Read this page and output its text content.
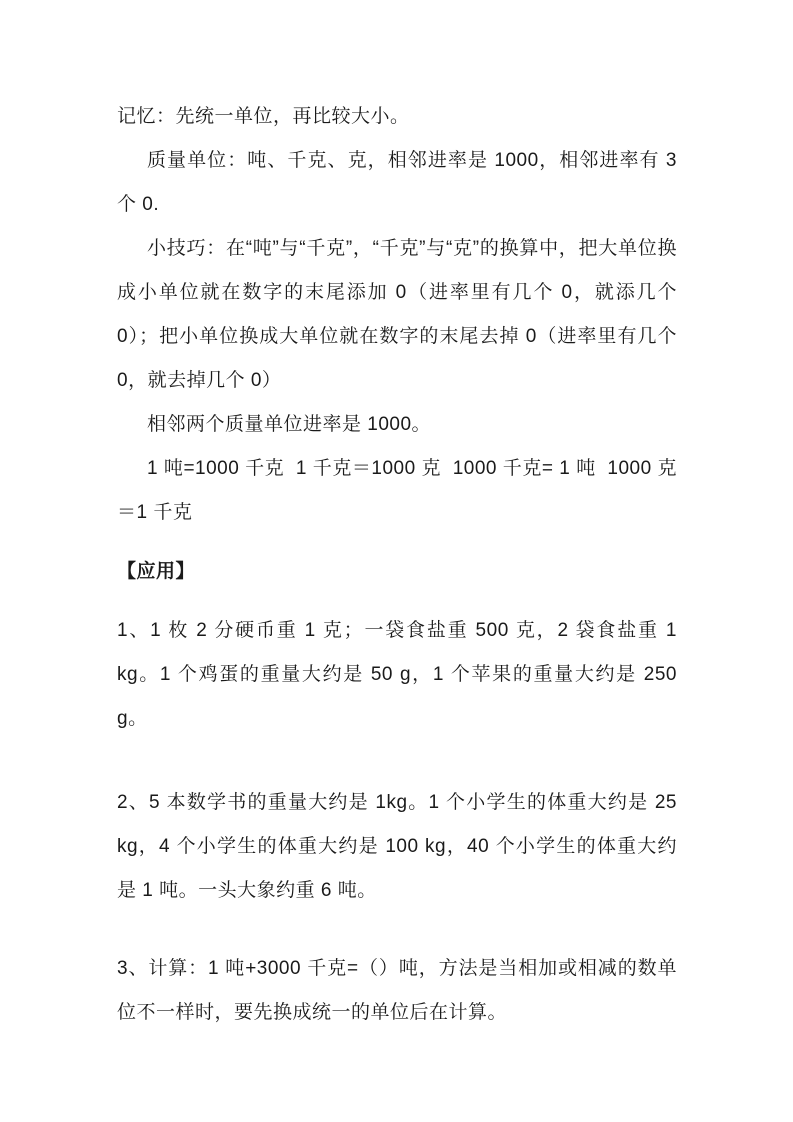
记忆：先统一单位，再比较大小。

质量单位：吨、千克、克，相邻进率是 1000，相邻进率有 3 个 0.

小技巧：在“吨”与“千克”，“千克”与“克”的换算中，把大单位换成小单位就在数字的末尾添加 0（进率里有几个 0，就添几个 0）；把小单位换成大单位就在数字的末尾去掉 0（进率里有几个 0，就去掉几个 0）

相邻两个质量单位进率是 1000。

1 吨=1000 千克  1 千克＝1000 克  1000 千克= 1 吨  1000 克＝1 千克

【应用】

1、1 枚 2 分硬币重 1 克；一袋食盐重 500 克，2 袋食盐重 1 kg。1 个鸡蛋的重量大约是 50 g，1 个苹果的重量大约是 250 g。

2、5 本数学书的重量大约是 1kg。1 个小学生的体重大约是 25 kg，4 个小学生的体重大约是 100 kg，40 个小学生的体重大约是 1 吨。一头大象约重 6 吨。

3、计算：1 吨+3000 千克=（）吨，方法是当相加或相减的数单位不一样时，要先换成统一的单位后在计算。
